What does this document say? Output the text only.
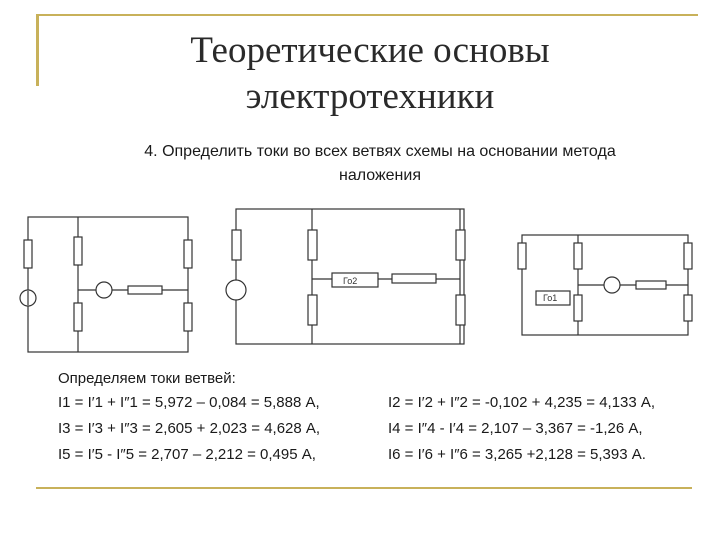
Теоретические основы
электротехники
4. Определить токи во всех ветвях схемы на основании метода
наложения
Го2
Го1
Определяем токи ветвей:
I1 = I′1 + I″1 = 5,972 – 0,084 = 5,888 А,	I2 = I′2 + I″2 = -0,102 + 4,235 = 4,133 А,
I3 = I′3 + I″3 = 2,605 + 2,023 = 4,628 А,	I4 = I″4 - I′4 = 2,107 – 3,367 = -1,26 А,
I5 = I′5 - I″5 = 2,707 – 2,212 = 0,495 А,	I6 = I′6 + I″6 = 3,265 +2,128 = 5,393 А.
